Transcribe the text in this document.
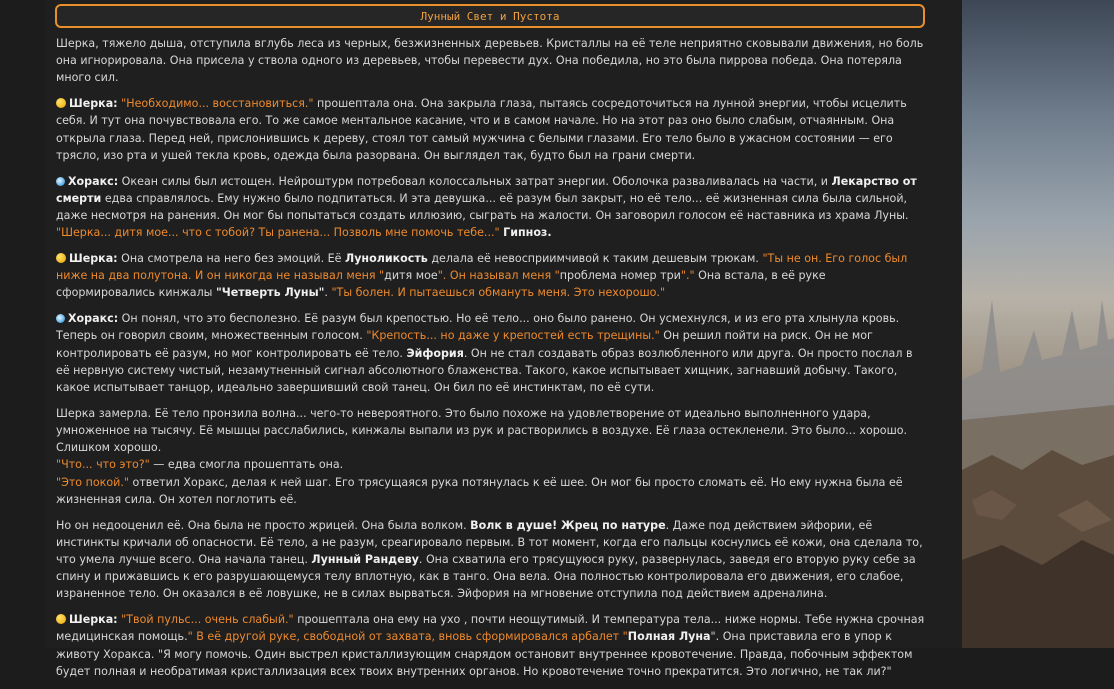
Лунный Свет и Пустота

Шерка, тяжело дыша, отступила вглубь леса из черных, безжизненных деревьев. Кристаллы на её теле неприятно сковывали движения, но боль она игнорировала. Она присела у ствола одного из деревьев, чтобы перевести дух. Она победила, но это была пирровa победа. Она потеряла много сил.

Шерка: "Необходимо... восстановиться." прошептала она. Она закрыла глаза, пытаясь сосредоточиться на лунной энергии, чтобы исцелить себя. И тут она почувствовала его. То же самое ментальное касание, что и в самом начале. Но на этот раз оно было слабым, отчаянным. Она открыла глаза. Перед ней, прислонившись к дереву, стоял тот самый мужчина с белыми глазами. Его тело было в ужасном состоянии — его трясло, изо рта и ушей текла кровь, одежда была разорвана. Он выглядел так, будто был на грани смерти.

Хоракс: Океан силы был истощен. Нейроштурм потребовал колоссальных затрат энергии. Оболочка разваливалась на части, и Лекарство от смерти едва справлялось. Ему нужно было подпитаться. И эта девушка... её разум был закрыт, но её тело... её жизненная сила была сильной, даже несмотря на ранения. Он мог бы попытаться создать иллюзию, сыграть на жалости. Он заговорил голосом её наставника из храма Луны. "Шерка... дитя мое... что с тобой? Ты ранена... Позволь мне помочь тебе..." Гипноз.

Шерка: Она смотрела на него без эмоций. Её Луноликость делала её невосприимчивой к таким дешевым трюкам. "Ты не он. Его голос был ниже на два полутона. И он никогда не называл меня "дитя мое". Он называл меня "проблема номер три"." Она встала, в её руке сформировались кинжалы "Четверть Луны". "Ты болен. И пытаешься обмануть меня. Это нехорошо."

Хоракс: Он понял, что это бесполезно. Её разум был крепостью. Но её тело... оно было ранено. Он усмехнулся, и из его рта хлынула кровь. Теперь он говорил своим, множественным голосом. "Крепость... но даже у крепостей есть трещины." Он решил пойти на риск. Он не мог контролировать её разум, но мог контролировать её тело. Эйфория. Он не стал создавать образ возлюбленного или друга. Он просто послал в её нервную систему чистый, незамутненный сигнал абсолютного блаженства. Такого, какое испытывает хищник, загнавший добычу. Такого, какое испытывает танцор, идеально завершивший свой танец. Он бил по её инстинктам, по её сути.

Шерка замерла. Её тело пронзила волна... чего-то невероятного. Это было похоже на удовлетворение от идеально выполненного удара, умноженное на тысячу. Её мышцы расслабились, кинжалы выпали из рук и растворились в воздухе. Её глаза остекленели. Это было... хорошо. Слишком хорошо.
"Что... что это?" — едва смогла прошептать она.
"Это покой." ответил Хоракс, делая к ней шаг. Его трясущаяся рука потянулась к её шее. Он мог бы просто сломать её. Но ему нужна была её жизненная сила. Он хотел поглотить её.

Но он недооценил её. Она была не просто жрицей. Она была волком. Волк в душе! Жрец по натуре. Даже под действием эйфории, её инстинкты кричали об опасности. Её тело, а не разум, среагировало первым. В тот момент, когда его пальцы коснулись её кожи, она сделала то, что умела лучше всего. Она начала танец. Лунный Рандеву. Она схватила его трясущуюся руку, развернулась, заведя его вторую руку себе за спину и прижавшись к его разрушающемуся телу вплотную, как в танго. Она вела. Она полностью контролировала его движения, его слабое, израненное тело. Он оказался в её ловушке, не в силах вырваться. Эйфория на мгновение отступила под действием адреналина.

Шерка: "Твой пульс... очень слабый." прошептала она ему на ухо , почти неощутимый. И температура тела... ниже нормы. Тебе нужна срочная медицинская помощь." В её другой руке, свободной от захвата, вновь сформировался арбалет "Полная Луна". Она приставила его в упор к животу Хоракса. "Я могу помочь. Один выстрел кристаллизующим снарядом остановит внутреннее кровотечение. Правда, побочным эффектом будет полная и необратимая кристаллизация всех твоих внутренних органов. Но кровотечение точно прекратится. Это логично, не так ли?"
